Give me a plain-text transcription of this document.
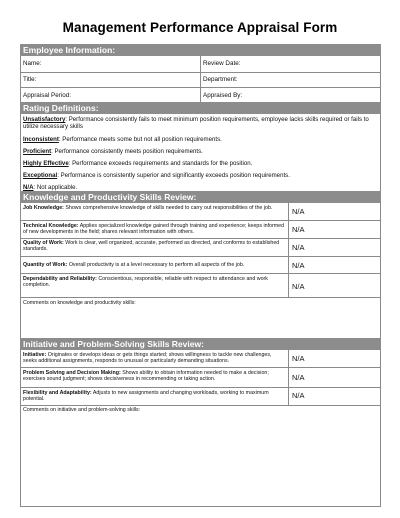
Management Performance Appraisal Form
Employee Information:
Name:	Review Date:
Title:	Department:
Appraisal Period:	Appraised By:
Rating Definitions:
Unsatisfactory: Performance consistently fails to meet minimum position requirements, employee lacks skills required or fails to utilize necessary skills
Inconsistent: Performance meets some but not all position requirements.
Proficient: Performance consistently meets position requirements.
Highly Effective: Performance exceeds requirements and standards for the position.
Exceptional: Performance is consistently superior and significantly exceeds position requirements.
N/A: Not applicable.
Knowledge and Productivity Skills Review:
Job Knowledge: Shows comprehensive knowledge of skills needed to carry out responsibilities of the job.	N/A
Technical Knowledge: Applies specialized knowledge gained through training and experience; keeps informed of new developments in the field; shares relevant information with others.	N/A
Quality of Work: Work is clear, well organized, accurate, performed as directed, and conforms to established standards.	N/A
Quantity of Work: Overall productivity is at a level necessary to perform all aspects of the job.	N/A
Dependability and Reliability: Conscientious, responsible, reliable with respect to attendance and work completion.	N/A
Comments on knowledge and productivity skills:
Initiative and Problem-Solving Skills Review:
Initiative: Originates or develops ideas or gets things started; shows willingness to tackle new challenges, seeks additional assignments, responds to unusual or particularly demanding situations.	N/A
Problem Solving and Decision Making: Shows ability to obtain information needed to make a decision; exercises sound judgment; shows decisiveness in recommending or taking action.	N/A
Flexibility and Adaptability: Adjusts to new assignments and changing workloads, working to maximum potential.	N/A
Comments on initiative and problem-solving skills:
